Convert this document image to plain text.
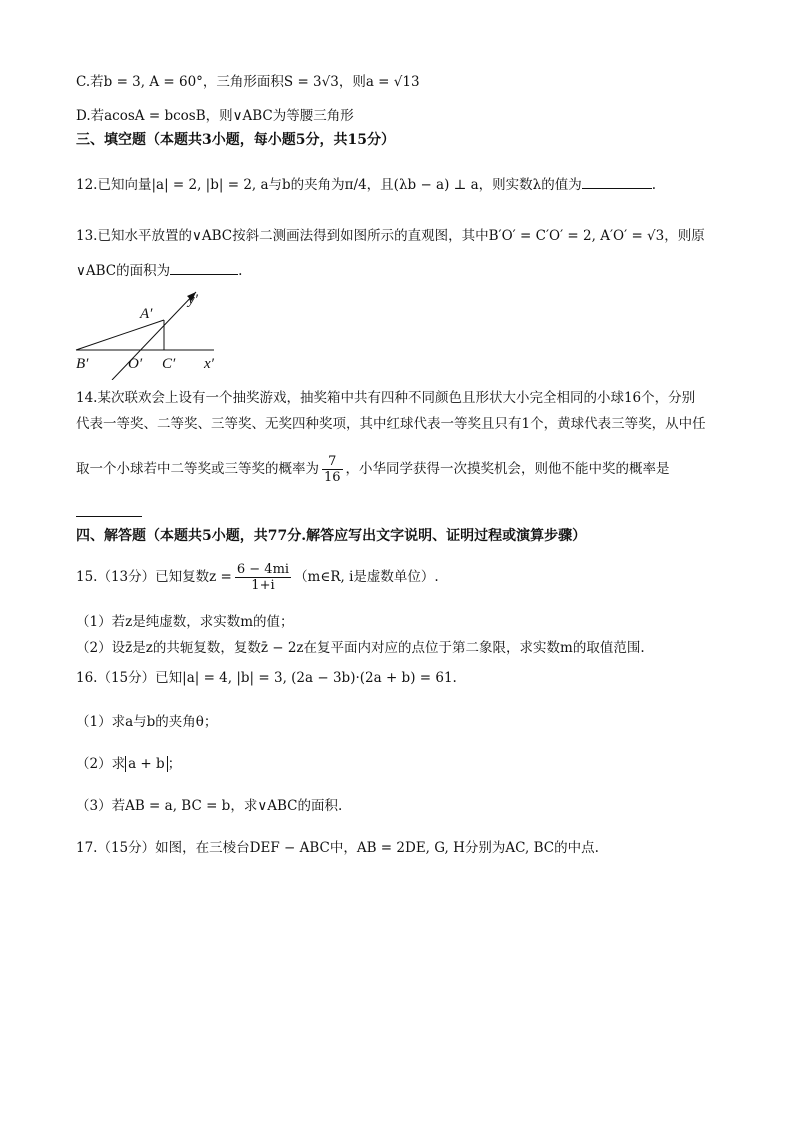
C.若b = 3, A = 60°，三角形面积S = 3√3，则a = √13
D.若acosA = bcosB，则∨ABC为等腰三角形
三、填空题（本题共3小题，每小题5分，共15分）
12.已知向量|a| = 2, |b| = 2, a与b的夹角为π/4，且(λb − a) ⊥ a，则实数λ的值为	.
13.已知水平放置的∨ABC按斜二测画法得到如图所示的直观图，其中B′O′ = C′O′ = 2, A′O′ = √3，则原
∨ABC的面积为	.
A′
y′
B′	O′ C′ x′
14.某次联欢会上设有一个抽奖游戏，抽奖箱中共有四种不同颜色且形状大小完全相同的小球16个，分别
代表一等奖、二等奖、三等奖、无奖四种奖项，其中红球代表一等奖且只有1个，黄球代表三等奖，从中任
取一个小球若中二等奖或三等奖的概率为 $\frac{7}{16}$ ，小华同学获得一次摸奖机会，则他不能中奖的概率是
四、解答题（本题共5小题，共77分.解答应写出文字说明、证明过程或演算步骤）
15.（13分）已知复数$z = \frac{6 - 4mi}{1+i}$ （m∈R, i是虚数单位）.
（1）若z是纯虚数，求实数m的值；
（2）设z̄是z的共轭复数，复数z̄ − 2z在复平面内对应的点位于第二象限，求实数m的取值范围.
16.（15分）已知|a| = 4, |b| = 3, (2a − 3b)·(2a + b) = 61.
（1）求a与b的夹角θ；
（2）求 a + b ；
（3）若AB = a, BC = b，求∨ABC的面积.
17.（15分）如图，在三棱台DEF − ABC中，AB = 2DE, G, H分别为AC, BC的中点.
